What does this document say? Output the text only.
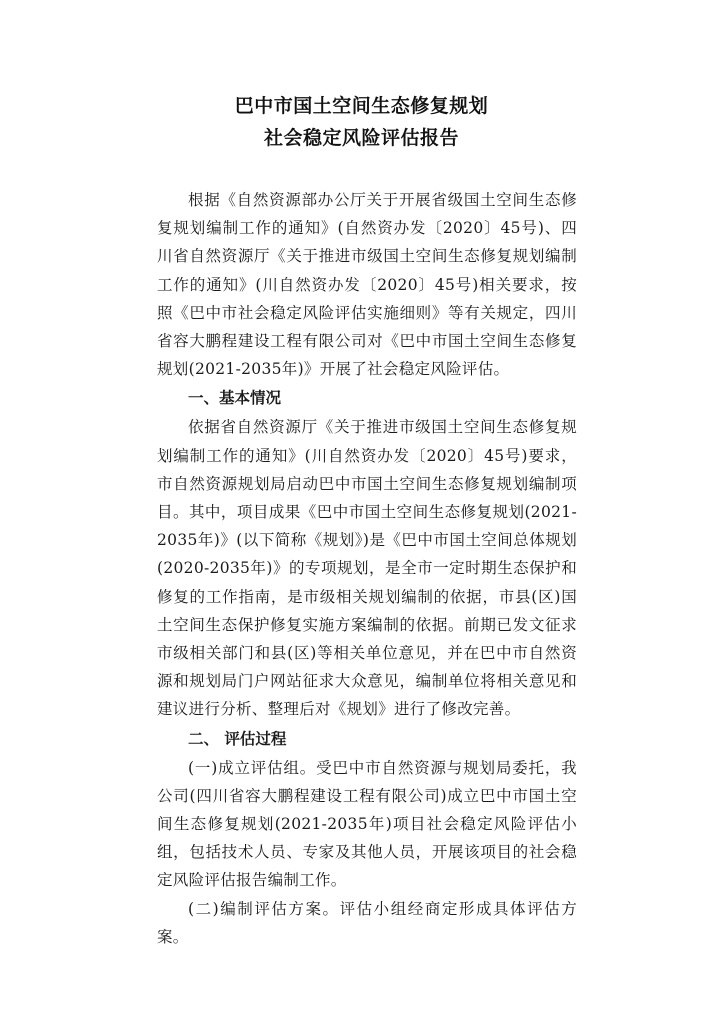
巴中市国土空间生态修复规划
社会稳定风险评估报告

根据《自然资源部办公厅关于开展省级国土空间生态修复规划编制工作的通知》(自然资办发〔2020〕45号)、四川省自然资源厅《关于推进市级国土空间生态修复规划编制工作的通知》(川自然资办发〔2020〕45号)相关要求，按照《巴中市社会稳定风险评估实施细则》等有关规定，四川省容大鹏程建设工程有限公司对《巴中市国土空间生态修复规划(2021-2035年)》开展了社会稳定风险评估。

一、基本情况

依据省自然资源厅《关于推进市级国土空间生态修复规划编制工作的通知》(川自然资办发〔2020〕45号)要求，市自然资源规划局启动巴中市国土空间生态修复规划编制项目。其中，项目成果《巴中市国土空间生态修复规划(2021-2035年)》(以下简称《规划》)是《巴中市国土空间总体规划(2020-2035年)》的专项规划，是全市一定时期生态保护和修复的工作指南，是市级相关规划编制的依据，市县(区)国土空间生态保护修复实施方案编制的依据。前期已发文征求市级相关部门和县(区)等相关单位意见，并在巴中市自然资源和规划局门户网站征求大众意见，编制单位将相关意见和建议进行分析、整理后对《规划》进行了修改完善。

二、 评估过程

(一)成立评估组。受巴中市自然资源与规划局委托，我公司(四川省容大鹏程建设工程有限公司)成立巴中市国土空间生态修复规划(2021-2035年)项目社会稳定风险评估小组，包括技术人员、专家及其他人员，开展该项目的社会稳定风险评估报告编制工作。

(二)编制评估方案。评估小组经商定形成具体评估方案。
